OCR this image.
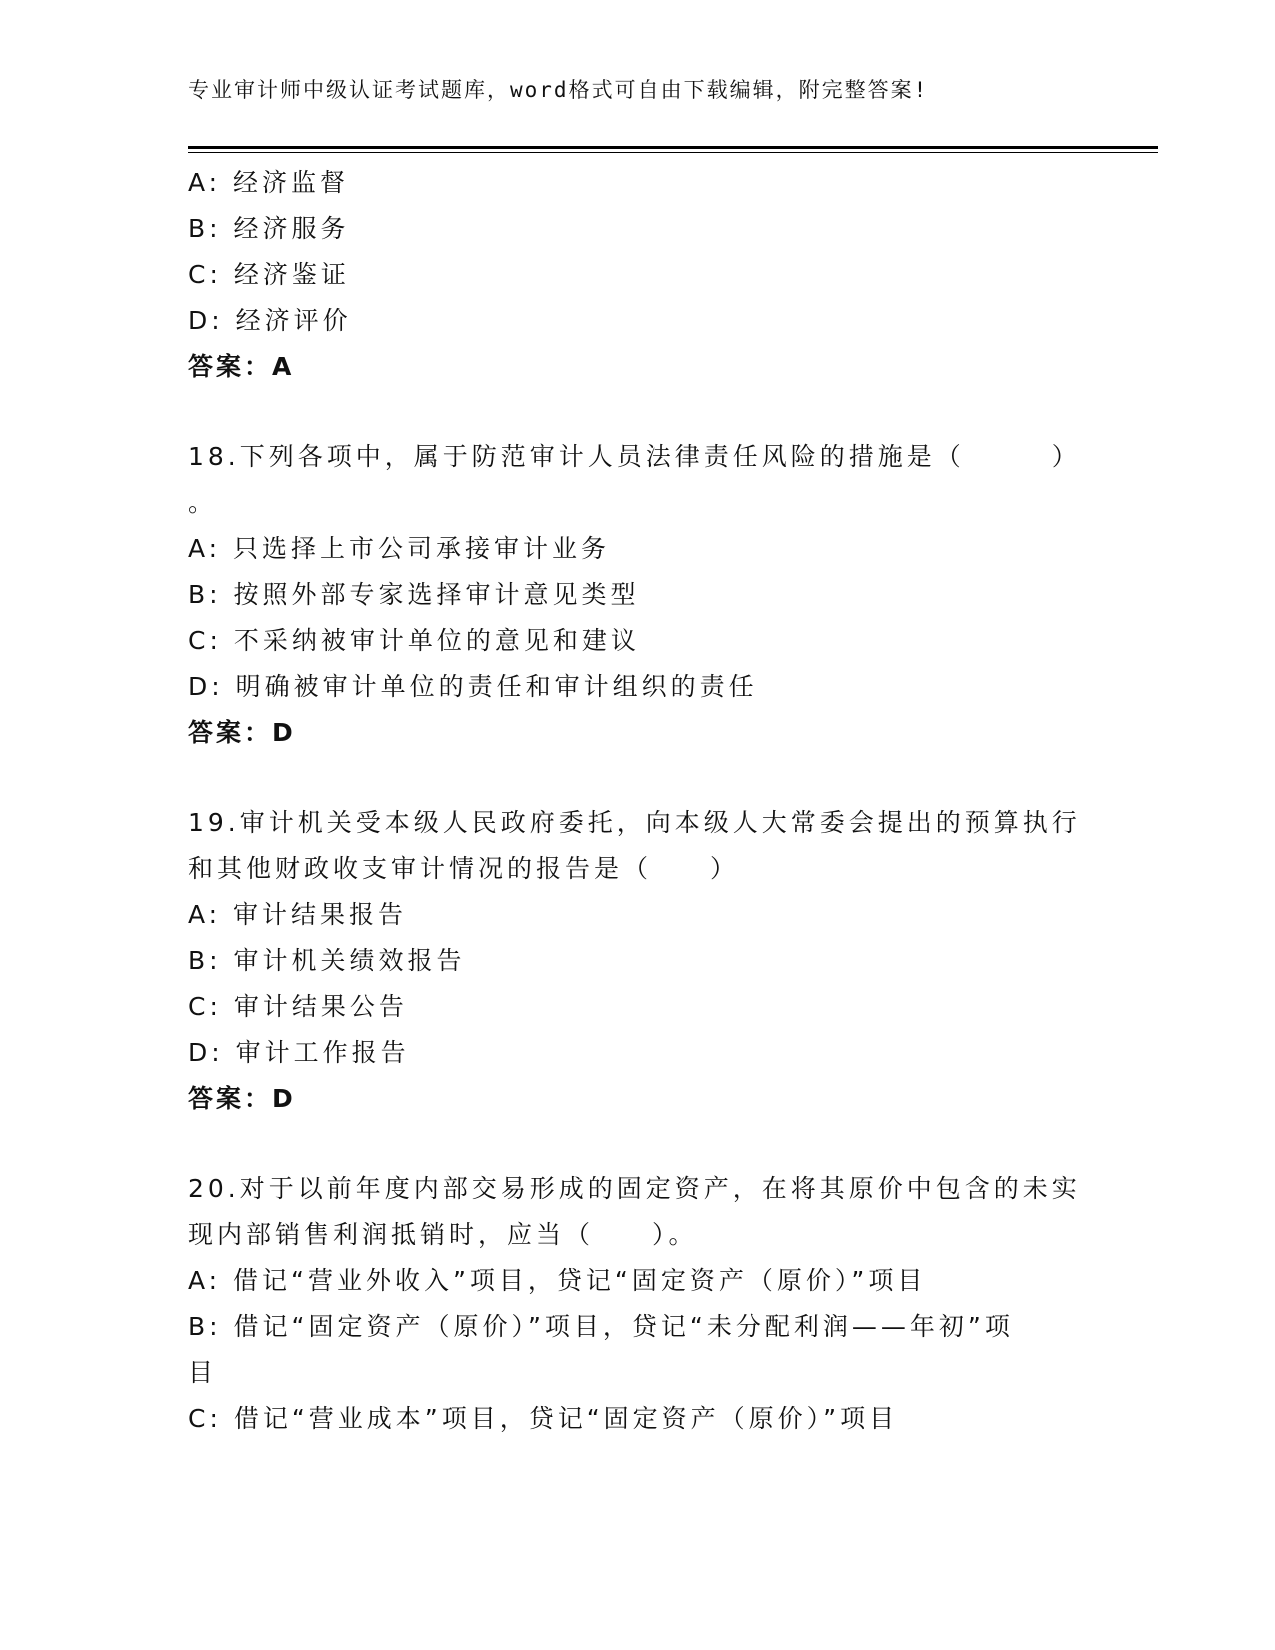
专业审计师中级认证考试题库，word格式可自由下载编辑，附完整答案!
A: 经济监督
B: 经济服务
C: 经济鉴证
D: 经济评价
答案：A
18.下列各项中，属于防范审计人员法律责任风险的措施是（　　　）
。
A: 只选择上市公司承接审计业务
B: 按照外部专家选择审计意见类型
C: 不采纳被审计单位的意见和建议
D: 明确被审计单位的责任和审计组织的责任
答案：D
19.审计机关受本级人民政府委托，向本级人大常委会提出的预算执行
和其他财政收支审计情况的报告是（　　）
A: 审计结果报告
B: 审计机关绩效报告
C: 审计结果公告
D: 审计工作报告
答案：D
20.对于以前年度内部交易形成的固定资产，在将其原价中包含的未实
现内部销售利润抵销时，应当（　　）。
A: 借记“营业外收入”项目，贷记“固定资产（原价）”项目
B: 借记“固定资产（原价）”项目，贷记“未分配利润——年初”项
目
C: 借记“营业成本”项目，贷记“固定资产（原价）”项目
